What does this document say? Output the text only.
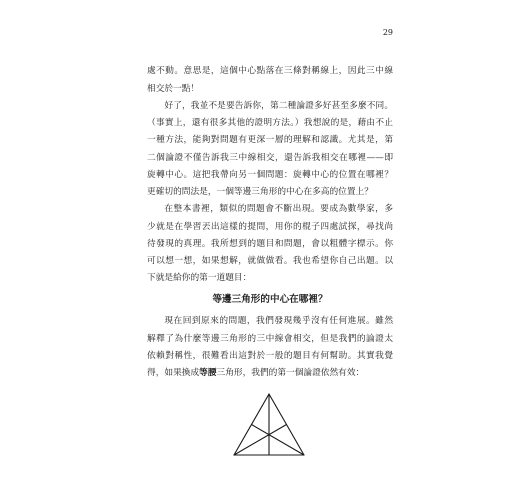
29
處不動。意思是，這個中心點落在三條對稱線上，因此三中線
相交於一點！
好了，我並不是要告訴你，第二種論證多好甚至多麼不同。
（事實上，還有很多其他的證明方法。）我想說的是，藉由不止
一種方法，能夠對問題有更深一層的理解和認識。尤其是，第
二個論證不僅告訴我三中線相交，還告訴我相交在哪裡——即
旋轉中心。這把我帶向另一個問題：旋轉中心的位置在哪裡？
更確切的問法是，一個等邊三角形的中心在多高的位置上？
在整本書裡，類似的問題會不斷出現。要成為數學家，多
少就是在學習丟出這樣的提問，用你的棍子四處試探，尋找尚
待發現的真理。我所想到的題目和問題，會以粗體字標示。你
可以想一想，如果想解，就做做看。我也希望你自己出題。以
下就是給你的第一道題目：
等邊三角形的中心在哪裡？
現在回到原來的問題，我們發現幾乎沒有任何進展。雖然
解釋了為什麼等邊三角形的三中線會相交，但是我們的論證太
依賴對稱性，很難看出這對於一般的題目有何幫助。其實我覺
得，如果換成等腰三角形，我們的第一個論證依然有效：
